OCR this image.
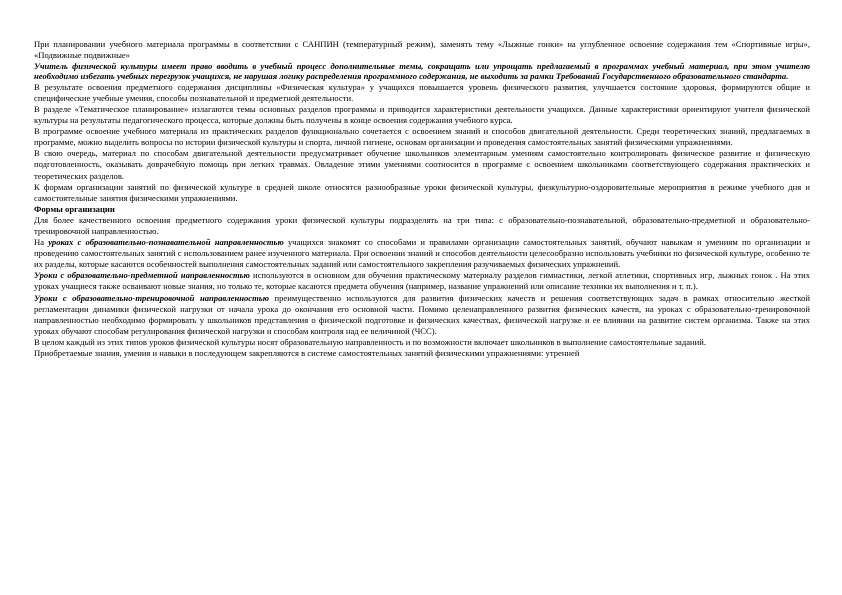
При планировании учебного материала программы в соответствии с САНПИН (температурный режим), заменять тему «Лыжные гонки» на углубленное освоение содержания тем «Спортивные игры», «Подвижные подвижные»

Учитель физической культуры имеет право вводить в учебный процесс дополнительные темы, сокращать или упрощать предлагаемый в программах учебный материал, при этом учителю необходимо избегать учебных перегрузок учащихся, не нарушая логику распределения программного содержания, не выходить за рамки Требований Государственного образовательного стандарта.

В результате освоения предметного содержания дисциплины «Физическая культура» у учащихся повышается уровень физического развития, улучшается состояние здоровья, формируются общие и специфические учебные умения, способы познавательной и предметной деятельности.

В разделе «Тематическое планирование» излагаются темы основных разделов программы и приводится характеристики деятельности учащихся. Данные характеристики ориентируют учителя физической культуры на результаты педагогического процесса, которые должны быть получены в конце освоения содержания учебного курса.

В программе освоение учебного материала из практических разделов функционально сочетается с освоением знаний и способов двигательной деятельности. Среди теоретических знаний, предлагаемых в программе, можно выделить вопросы по истории физической культуры и спорта, личной гигиене, основам организации и проведения самостоятельных занятий физическими упражнениями.

В свою очередь, материал по способам двигательной деятельности предусматривает обучение школьников элементарным умениям самостоятельно контролировать физическое развитие и физическую подготовленность, оказывать доврачебную помощь при легких травмах. Овладение этими умениями соотносится в программе с освоением школьниками соответствующего содержания практических и теоретических разделов.

К формам организации занятий по физической культуре в средней школе относятся разнообразные уроки физической культуры, физкультурно-оздоровительные мероприятия в режиме учебного дня и самостоятельные занятия физическими упражнениями.

Формы организации

Для более качественного освоения предметного содержания уроки физической культуры подразделять на три типа: с образовательно-познавательной, образовательно-предметной и образовательно-тренировочной направленностью.

На уроках с образовательно-познавательной направленностью учащихся знакомят со способами и правилами организации самостоятельных занятий, обучают навыкам и умениям по организации и проведению самостоятельных занятий с использованием ранее изученного материала. При освоении знаний и способов деятельности целесообразно использовать учебники по физической культуре, особенно те их разделы, которые касаются особенностей выполнения самостоятельных заданий или самостоятельного закрепления разучиваемых физических упражнений.

Уроки с образовательно-предметной направленностью используются в основном для обучения практическому материалу разделов гимнастики, легкой атлетики, спортивных игр, лыжных гонок . На этих уроках учащиеся также осваивают новые знания, но только те, которые касаются предмета обучения (например, название упражнений или описание техники их выполнения и т. п.).

Уроки с образовательно-тренировочной направленностью преимущественно используются для развития физических качеств и решения соответствующих задач в рамках относительно жесткой регламентации динамики физической нагрузки от начала урока до окончания его основной части. Помимо целенаправленного развития физических качеств, на уроках с образовательно-тренировочной направленностью необходимо формировать у школьников представления о физической подготовке и физических качествах, физической нагрузке и ее влиянии на развитие систем организма. Также на этих уроках обучают способам регулирования физической нагрузки и способам контроля над ее величиной (ЧСС).

В целом каждый из этих типов уроков физической культуры носят образовательную направленность и по возможности включает школьников в выполнение самостоятельные заданий.

Приобретаемые знания, умения и навыки в последующем закрепляются в системе самостоятельных занятий физическими упражнениями: утренней
